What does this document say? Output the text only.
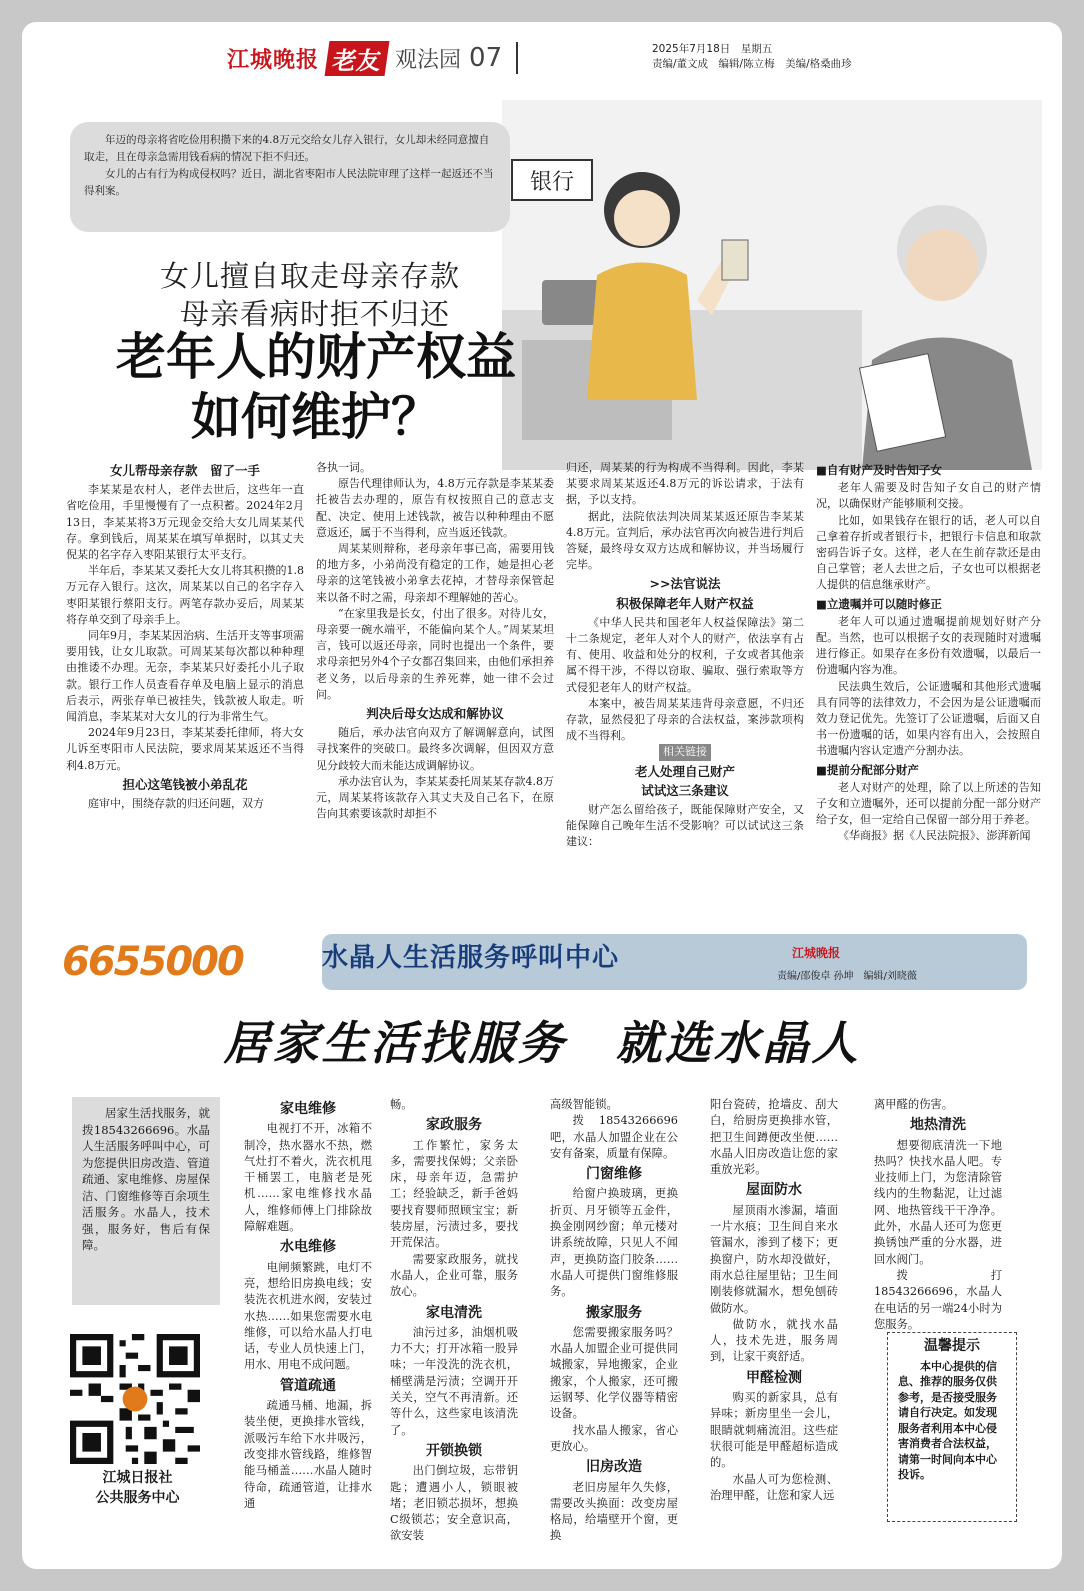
江城晚报 老友 观法园 07	2025年7月18日　星期五
责编/董文成　编辑/陈立梅　美编/格桑曲珍
银行

年迈的母亲将省吃俭用积攒下来的4.8万元交给女儿存入银行，女儿却未经同意擅自取走，且在母亲急需用钱看病的情况下拒不归还。

女儿的占有行为构成侵权吗？近日，湖北省枣阳市人民法院审理了这样一起返还不当得利案。

女儿擅自取走母亲存款
母亲看病时拒不归还
老年人的财产权益
如何维护？
女儿帮母亲存款　留了一手

李某某是农村人，老伴去世后，这些年一直省吃俭用，手里慢慢有了一点积蓄。2024年2月13日，李某某将3万元现金交给大女儿周某某代存。拿到钱后，周某某在填写单据时，以其丈夫倪某的名字存入枣阳某银行太平支行。

半年后，李某某又委托大女儿将其积攒的1.8万元存入银行。这次，周某某以自己的名字存入枣阳某银行蔡阳支行。两笔存款办妥后，周某某将存单交到了母亲手上。

同年9月，李某某因治病、生活开支等事项需要用钱，让女儿取款。可周某某每次都以种种理由推诿不办理。无奈，李某某只好委托小儿子取款。银行工作人员查看存单及电脑上显示的消息后表示，两张存单已被挂失，钱款被人取走。听闻消息，李某某对大女儿的行为非常生气。

2024年9月23日，李某某委托律师，将大女儿诉至枣阳市人民法院，要求周某某返还不当得利4.8万元。

担心这笔钱被小弟乱花

庭审中，围绕存款的归还问题，双方

各执一词。

原告代理律师认为，4.8万元存款是李某某委托被告去办理的，原告有权按照自己的意志支配、决定、使用上述钱款，被告以种种理由不愿意返还，属于不当得利，应当返还钱款。

周某某则辩称，老母亲年事已高，需要用钱的地方多，小弟尚没有稳定的工作，她是担心老母亲的这笔钱被小弟拿去花掉，才替母亲保管起来以备不时之需，母亲却不理解她的苦心。

“在家里我是长女，付出了很多。对待儿女，母亲要一碗水端平，不能偏向某个人。”周某某坦言，钱可以返还母亲，同时也提出一个条件，要求母亲把另外4个子女都召集回来，由他们承担养老义务，以后母亲的生养死葬，她一律不会过问。

判决后母女达成和解协议

随后，承办法官向双方了解调解意向，试图寻找案件的突破口。最终多次调解，但因双方意见分歧较大而未能达成调解协议。

承办法官认为，李某某委托周某某存款4.8万元，周某某将该款存入其丈夫及自己名下，在原告向其索要该款时却拒不

归还，周某某的行为构成不当得利。因此，李某某要求周某某返还4.8万元的诉讼请求，于法有据，予以支持。

据此，法院依法判决周某某返还原告李某某4.8万元。宣判后，承办法官再次向被告进行判后答疑，最终母女双方达成和解协议，并当场履行完毕。

>>法官说法
积极保障老年人财产权益

《中华人民共和国老年人权益保障法》第二十二条规定，老年人对个人的财产，依法享有占有、使用、收益和处分的权利，子女或者其他亲属不得干涉，不得以窃取、骗取、强行索取等方式侵犯老年人的财产权益。

本案中，被告周某某违背母亲意愿，不归还存款，显然侵犯了母亲的合法权益，案涉款项构成不当得利。

相关链接
老人处理自己财产
试试这三条建议

财产怎么留给孩子，既能保障财产安全，又能保障自己晚年生活不受影响？可以试试这三条建议：

■自有财产及时告知子女

老年人需要及时告知子女自己的财产情况，以确保财产能够顺利交接。

比如，如果钱存在银行的话，老人可以自己拿着存折或者银行卡，把银行卡信息和取款密码告诉子女。这样，老人在生前存款还是由自己掌管；老人去世之后，子女也可以根据老人提供的信息继承财产。

■立遗嘱并可以随时修正

老年人可以通过遗嘱提前规划好财产分配。当然，也可以根据子女的表现随时对遗嘱进行修正。如果存在多份有效遗嘱，以最后一份遗嘱内容为准。

民法典生效后，公证遗嘱和其他形式遗嘱具有同等的法律效力，不会因为是公证遗嘱而效力登记优先。先签订了公证遗嘱，后面又自书一份遗嘱的话，如果内容有出入，会按照自书遗嘱内容认定遗产分割办法。

■提前分配部分财产

老人对财产的处理，除了以上所述的告知子女和立遗嘱外，还可以提前分配一部分财产给子女，但一定给自己保留一部分用于养老。

《华商报》据《人民法院报》、澎湃新闻

6655000	水晶人生活服务呼叫中心	江城晚报
责编/邵俊卓 孙坤　编辑/刘晓薇
居家生活找服务　就选水晶人

居家生活找服务，就拨18543266696。水晶人生活服务呼叫中心，可为您提供旧房改造、管道疏通、家电维修、房屋保洁、门窗维修等百余项生活服务。水晶人，技术强，服务好，售后有保障。

江城日报社
公共服务中心
家电维修

电视打不开，冰箱不制冷，热水器水不热，燃气灶打不着火，洗衣机甩干桶罢工，电脑老是死机……家电维修找水晶人，维修师傅上门排除故障解难题。

水电维修

电闸频繁跳，电灯不亮，想给旧房换电线；安装洗衣机进水阀，安装过水热……如果您需要水电维修，可以给水晶人打电话，专业人员快速上门，用水、用电不成问题。

管道疏通

疏通马桶、地漏，拆装坐便，更换排水管线，派吸污车给下水井吸污，改变排水管线路，维修智能马桶盖……水晶人随时待命，疏通管道，让排水通

畅。
家政服务

工作繁忙，家务太多，需要找保姆；父亲卧床，母亲年迈，急需护工；经验缺乏，新手爸妈要找育婴师照顾宝宝；新装房屋，污渍过多，要找开荒保洁。

需要家政服务，就找水晶人，企业可靠，服务放心。

家电清洗

油污过多，油烟机吸力不大；打开冰箱一股异味；一年没洗的洗衣机，桶壁满是污渍；空调开开关关，空气不再清新。还等什么，这些家电该清洗了。

开锁换锁

出门倒垃圾，忘带钥匙；遭遇小人，锁眼被堵；老旧锁芯损坏，想换C级锁芯；安全意识高，欲安装

高级智能锁。

拨 18543266696 吧，水晶人加盟企业在公安有备案，质量有保障。

门窗维修

给窗户换玻璃，更换折页、月牙锁等五金件，换金刚网纱窗；单元楼对讲系统故障，只见人不闻声，更换防盗门胶条……水晶人可提供门窗维修服务。

搬家服务

您需要搬家服务吗？水晶人加盟企业可提供同城搬家，异地搬家，企业搬家，个人搬家，还可搬运钢琴、化学仪器等精密设备。

找水晶人搬家，省心更放心。

旧房改造

老旧房屋年久失修，需要改头换面：改变房屋格局，给墙壁开个窗，更换

阳台瓷砖，抢墙皮、刮大白，给厨房更换排水管，把卫生间蹲便改坐便……水晶人旧房改造让您的家重放光彩。
屋面防水

屋顶雨水渗漏，墙面一片水痕；卫生间自来水管漏水，渗到了楼下；更换窗户，防水却没做好，雨水总往屋里钻；卫生间刚装修就漏水，想免刨砖做防水。

做防水，就找水晶人，技术先进，服务周到，让家干爽舒适。

甲醛检测

购买的新家具，总有异味；新房里坐一会儿，眼睛就刺痛流泪。这些症状很可能是甲醛超标造成的。

水晶人可为您检测、治理甲醛，让您和家人远

离甲醛的伤害。
地热清洗

想要彻底清洗一下地热吗？快找水晶人吧。专业技师上门，为您清除管线内的生物黏泥，让过滤网、地热管线干干净净。此外，水晶人还可为您更换锈蚀严重的分水器，进回水阀门。

拨打 18543266696，水晶人在电话的另一端24小时为您服务。

温馨提示

本中心提供的信息、推荐的服务仅供参考，是否接受服务请自行决定。如发现服务者利用本中心侵害消费者合法权益，请第一时间向本中心投诉。
